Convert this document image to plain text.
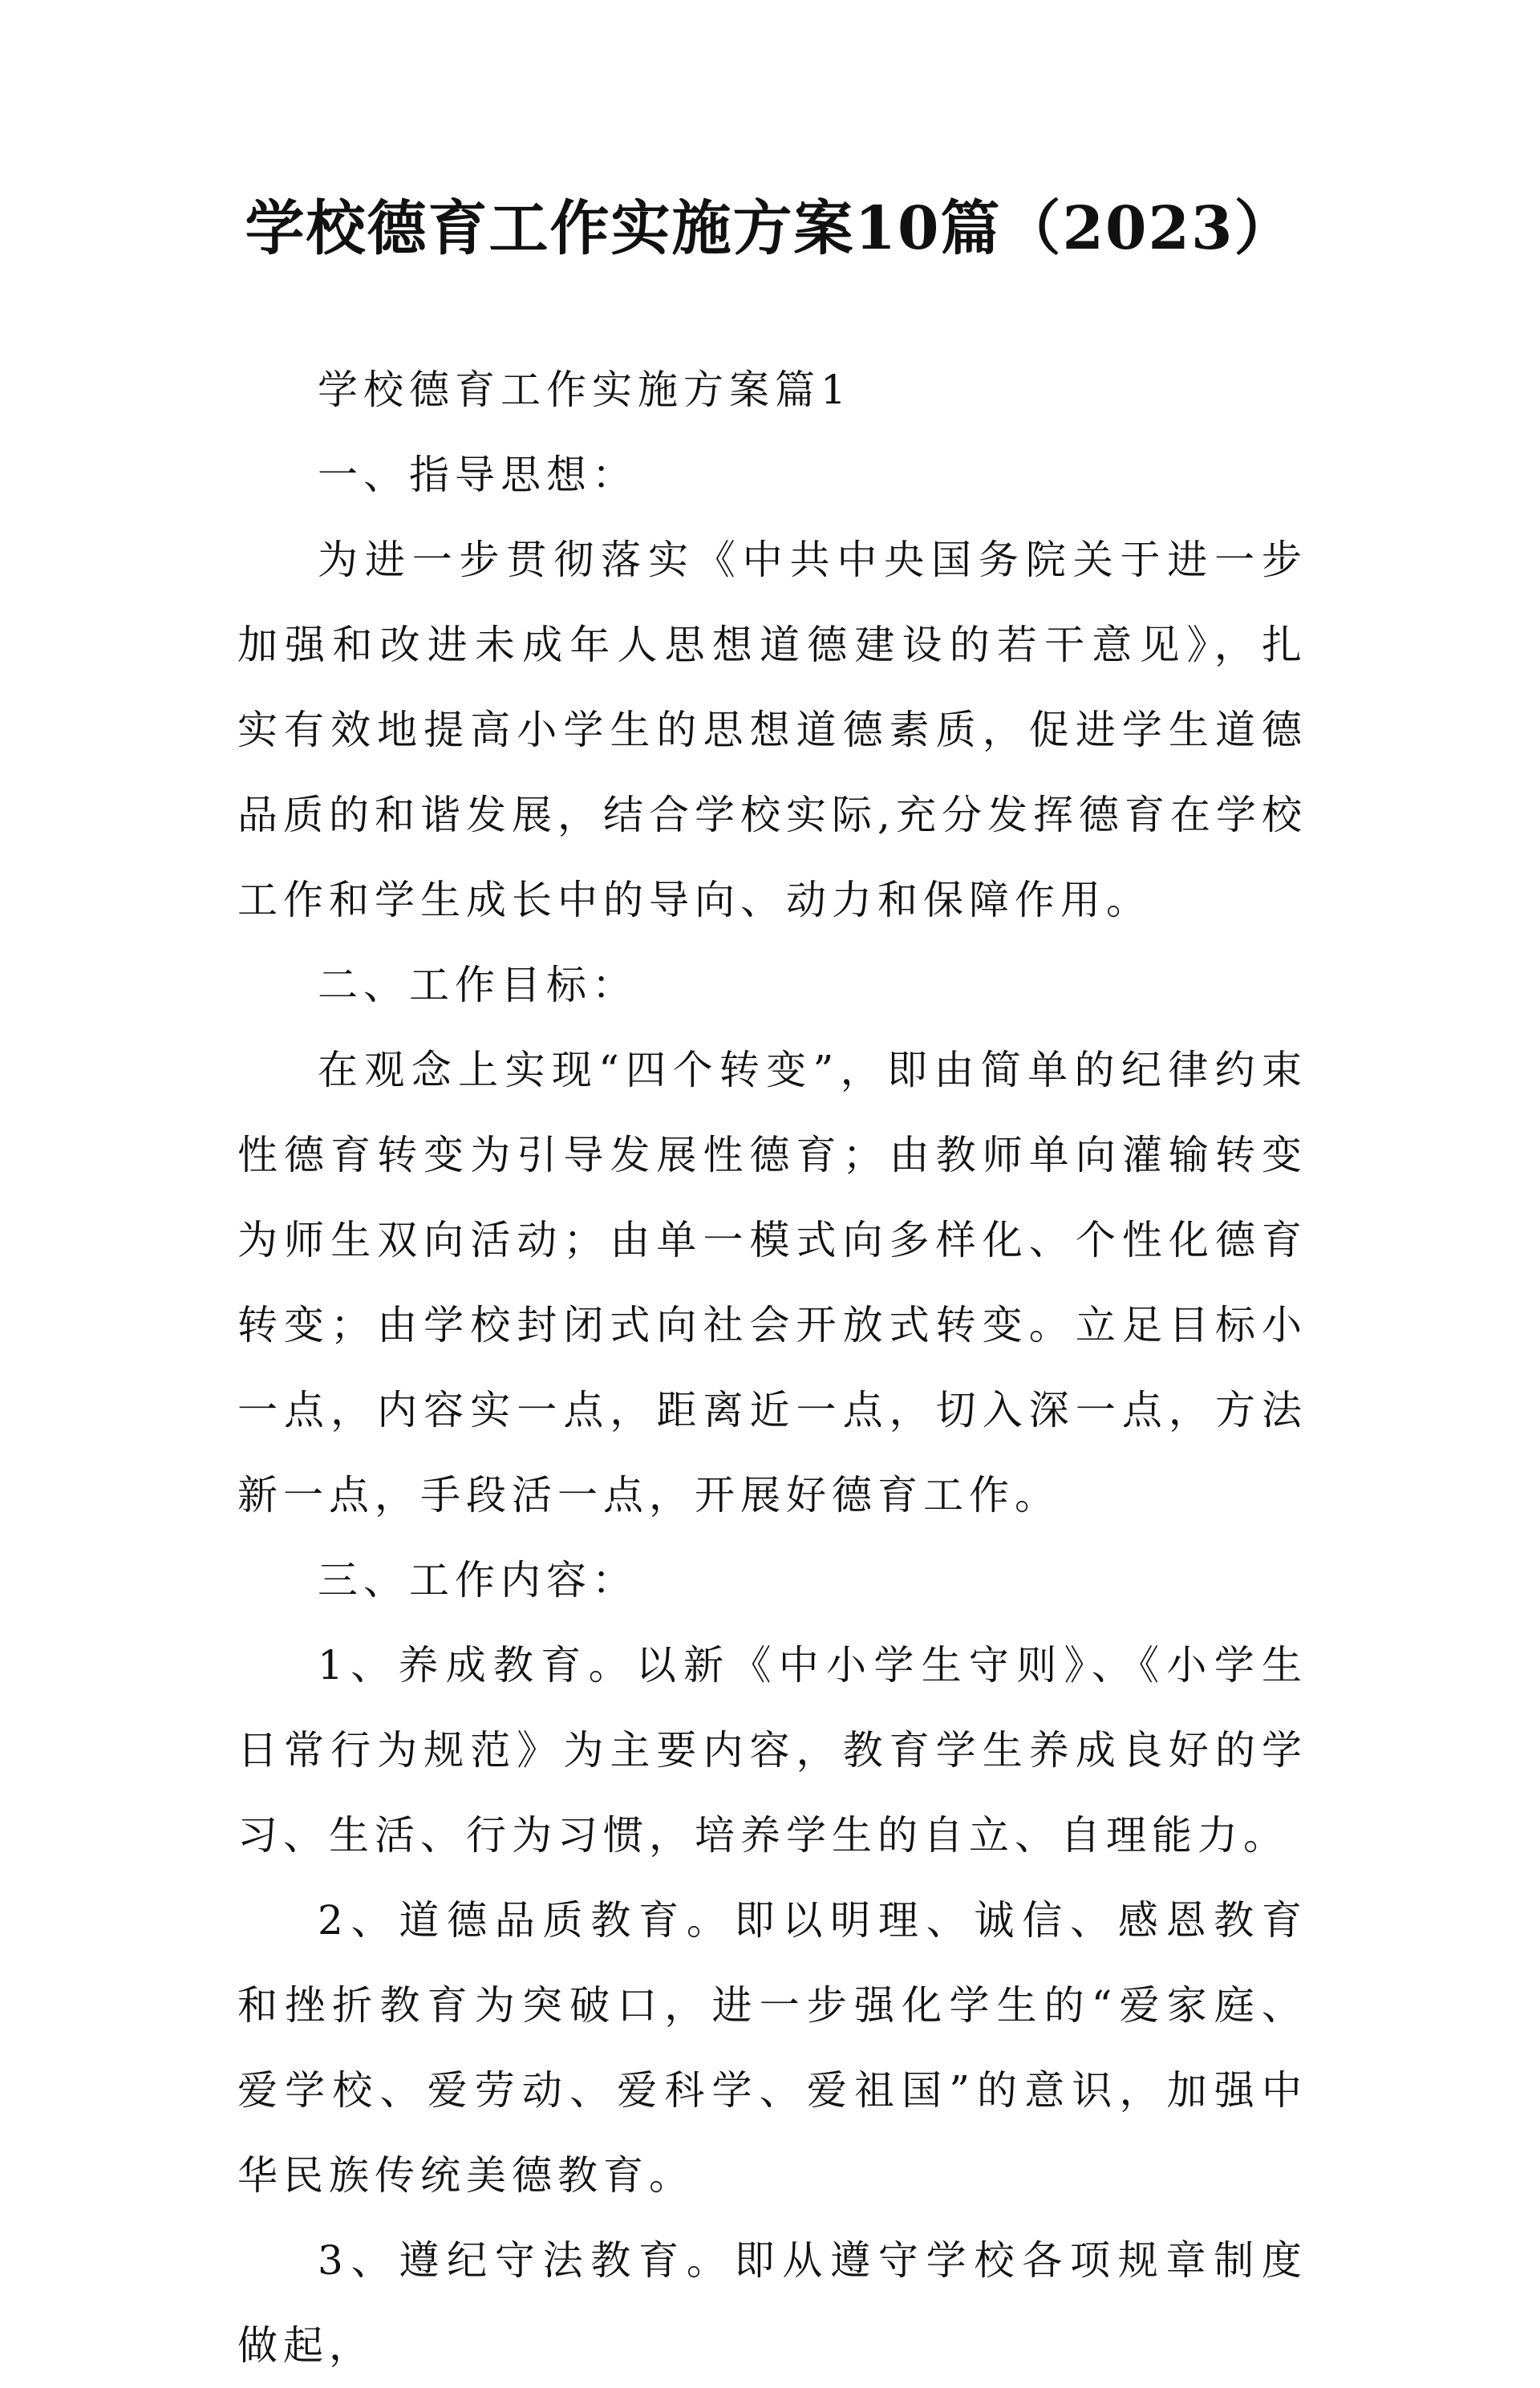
学校德育工作实施方案10篇（2023）

学校德育工作实施方案篇1

一、指导思想：

为进一步贯彻落实《中共中央国务院关于进一步加强和改进未成年人思想道德建设的若干意见》，扎实有效地提高小学生的思想道德素质，促进学生道德品质的和谐发展，结合学校实际,充分发挥德育在学校工作和学生成长中的导向、动力和保障作用。

二、工作目标：

在观念上实现“四个转变”，即由简单的纪律约束性德育转变为引导发展性德育；由教师单向灌输转变为师生双向活动；由单一模式向多样化、个性化德育转变；由学校封闭式向社会开放式转变。立足目标小一点，内容实一点，距离近一点，切入深一点，方法新一点，手段活一点，开展好德育工作。

三、工作内容：

1、养成教育。以新《中小学生守则》、《小学生日常行为规范》为主要内容，教育学生养成良好的学习、生活、行为习惯，培养学生的自立、自理能力。

2、道德品质教育。即以明理、诚信、感恩教育和挫折教育为突破口，进一步强化学生的“爱家庭、爱学校、爱劳动、爱科学、爱祖国”的意识，加强中华民族传统美德教育。

3、遵纪守法教育。即从遵守学校各项规章制度做起，
